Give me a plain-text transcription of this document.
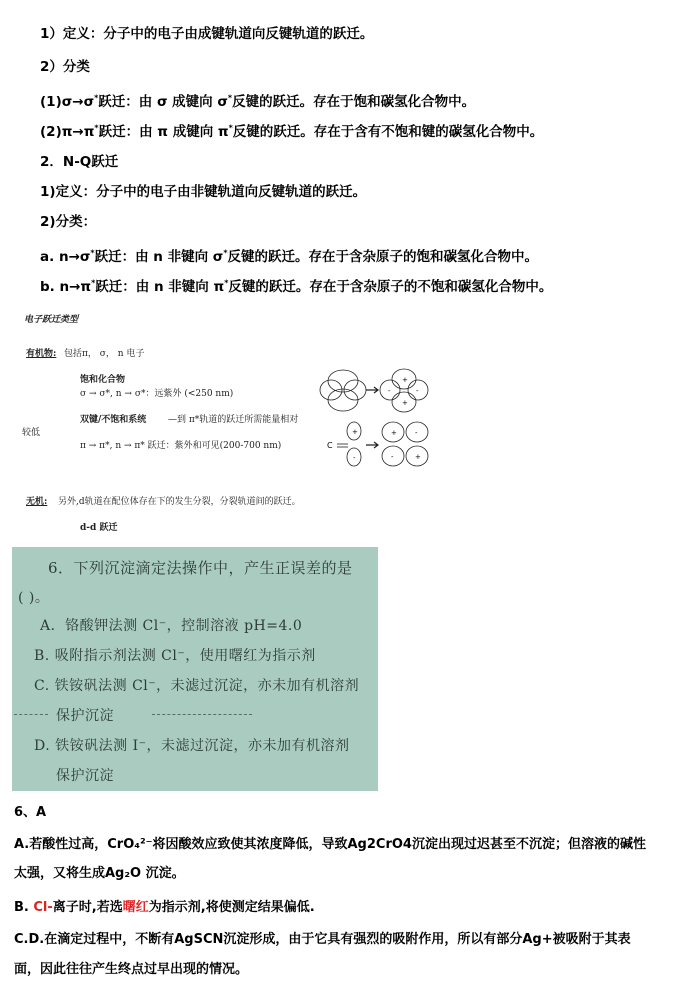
1）定义：分子中的电子由成键轨道向反键轨道的跃迁。
2）分类
(1)σ→σ*跃迁：由 σ 成键向 σ*反键的跃迁。存在于饱和碳氢化合物中。
(2)π→π*跃迁：由 π 成键向 π*反键的跃迁。存在于含有不饱和键的碳氢化合物中。
2．N-Q跃迁
1)定义：分子中的电子由非键轨道向反键轨道的跃迁。
2)分类：
a. n→σ*跃迁：由 n 非键向 σ*反键的跃迁。存在于含杂原子的饱和碳氢化合物中。
b. n→π*跃迁：由 n 非键向 π*反键的跃迁。存在于含杂原子的不饱和碳氢化合物中。
电子跃迁类型
有机物: 包括π， σ， n 电子
饱和化合物
σ → σ*, n → σ*：远紫外 (<250 nm)
双键/不饱和系统 —到 π*轨道的跃迁所需能量相对
较低
π → π*, n → π* 跃迁：紫外和可见(200-700 nm)	C
+
+
-	-
+
-
+	-
-	+
无机: 另外,d轨道在配位体存在下的发生分裂，分裂轨道间的跃迁。
d-d 跃迁
6．下列沉淀滴定法操作中，产生正误差的是
( )。
A．铬酸钾法测 Cl⁻，控制溶液 pH=4.0
B. 吸附指示剂法测 Cl⁻，使用曙红为指示剂
C. 铁铵矾法测 Cl⁻，未滤过沉淀，亦未加有机溶剂
保护沉淀
D. 铁铵矾法测 I⁻，未滤过沉淀，亦未加有机溶剂
保护沉淀
6、A
A.若酸性过高，CrO₄²⁻将因酸效应致使其浓度降低，导致Ag2CrO4沉淀出现过迟甚至不沉淀；但溶液的碱性
太强，又将生成Ag₂O 沉淀。
B. Cl-离子时,若选曙红为指示剂,将使测定结果偏低.
C.D.在滴定过程中，不断有AgSCN沉淀形成，由于它具有强烈的吸附作用，所以有部分Ag+被吸附于其表
面，因此往往产生终点过早出现的情况。
